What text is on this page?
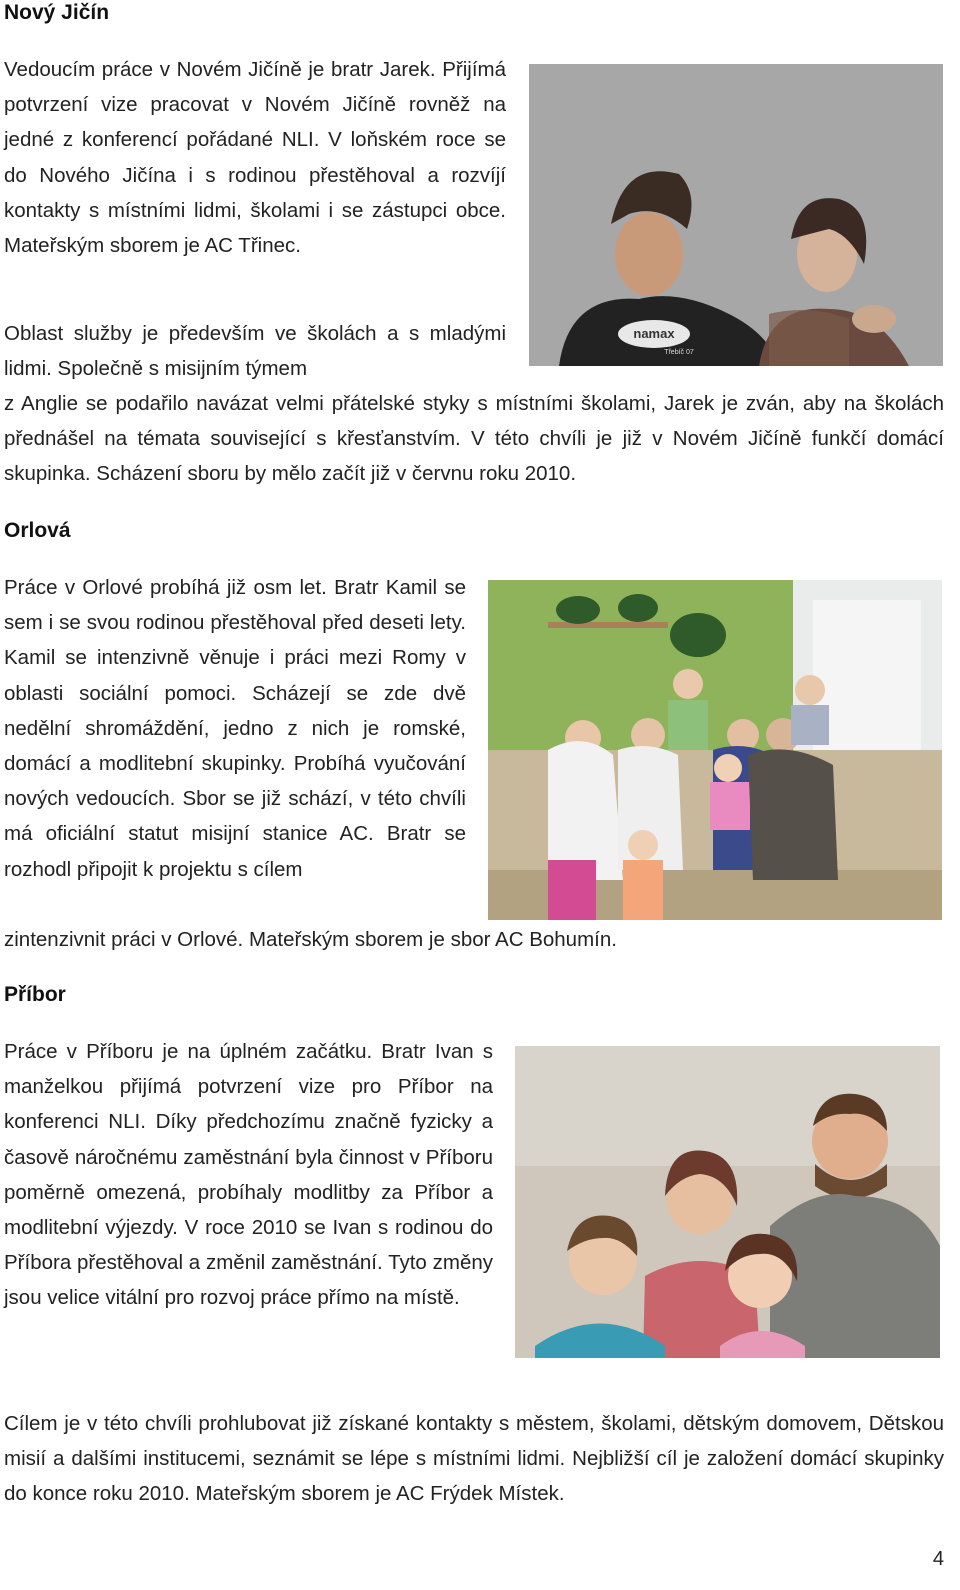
Nový Jičín
namax
Třebíč 07

Vedoucím práce v Novém Jičíně je bratr Jarek. Přijímá potvrzení vize pracovat v Novém Jičíně rovněž na jedné z konferencí pořádané NLI. V loňském roce se do Nového Jičína i s rodinou přestěhoval a rozvíjí kontakty s místními lidmi, školami i se zástupci obce. Mateřským sborem je AC Třinec.

Oblast služby je především ve školách a s mladými lidmi. Společně s misijním týmem

z Anglie se podařilo navázat velmi přátelské styky s místními školami, Jarek je zván, aby na školách přednášel na témata související s křesťanstvím. V této chvíli je již v Novém Jičíně funkčí domácí skupinka. Scházení sboru by mělo začít již v červnu roku 2010.

Orlová

Práce v Orlové probíhá již osm let. Bratr Kamil se sem i se svou rodinou přestěhoval před deseti lety. Kamil se intenzivně věnuje i práci mezi Romy v oblasti sociální pomoci. Scházejí se zde dvě nedělní shromáždění, jedno z nich je romské, domácí a modlitební skupinky. Probíhá vyučování nových vedoucích. Sbor se již schází, v této chvíli má oficiální statut misijní stanice AC. Bratr se rozhodl připojit k projektu s cílem

zintenzivnit práci v Orlové. Mateřským sborem je sbor AC Bohumín.

Příbor

Práce v Příboru je na úplném začátku. Bratr Ivan s manželkou přijímá potvrzení vize pro Příbor na konferenci NLI. Díky předchozímu značně fyzicky a časově náročnému zaměstnání byla činnost v Příboru poměrně omezená, probíhaly modlitby za Příbor a modlitební výjezdy. V roce 2010 se Ivan s rodinou do Příbora přestěhoval a změnil zaměstnání. Tyto změny jsou velice vitální pro rozvoj práce přímo na místě.

Cílem je v této chvíli prohlubovat již získané kontakty s městem, školami, dětským domovem, Dětskou misií a dalšími institucemi, seznámit se lépe s místními lidmi. Nejbližší cíl je založení domácí skupinky do konce roku 2010. Mateřským sborem je AC Frýdek Místek.

4
